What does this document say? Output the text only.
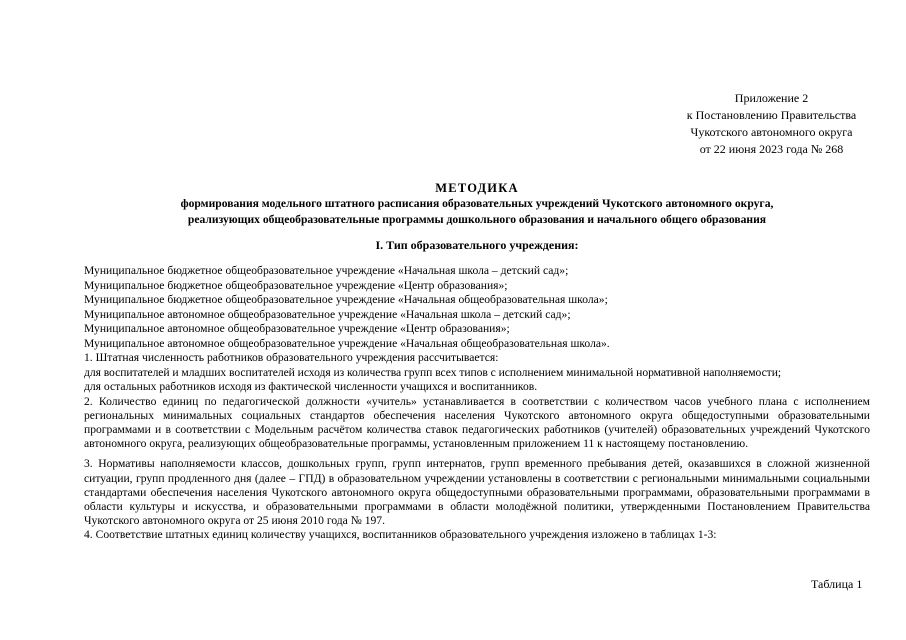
Приложение 2
к Постановлению Правительства
Чукотского автономного округа
от 22 июня 2023 года № 268
МЕТОДИКА
формирования модельного штатного расписания образовательных учреждений Чукотского автономного округа,
реализующих общеобразовательные программы дошкольного образования и начального общего образования
I. Тип образовательного учреждения:
Муниципальное бюджетное общеобразовательное учреждение «Начальная школа – детский сад»;
Муниципальное бюджетное общеобразовательное учреждение «Центр образования»;
Муниципальное бюджетное общеобразовательное учреждение «Начальная общеобразовательная школа»;
Муниципальное автономное общеобразовательное учреждение «Начальная школа – детский сад»;
Муниципальное автономное общеобразовательное учреждение «Центр образования»;
Муниципальное автономное общеобразовательное учреждение «Начальная общеобразовательная школа».
1. Штатная численность работников образовательного учреждения рассчитывается:
для воспитателей и младших воспитателей исходя из количества групп всех типов с исполнением минимальной нормативной наполняемости;
для остальных работников исходя из фактической численности учащихся и воспитанников.

2. Количество единиц по педагогической должности «учитель» устанавливается в соответствии с количеством часов учебного плана с исполнением региональных минимальных социальных стандартов обеспечения населения Чукотского автономного округа общедоступными образовательными программами и в соответствии с Модельным расчётом количества ставок педагогических работников (учителей) образовательных учреждений Чукотского автономного округа, реализующих общеобразовательные программы, установленным приложением 11 к настоящему постановлению.

3. Нормативы наполняемости классов, дошкольных групп, групп интернатов, групп временного пребывания детей, оказавшихся в сложной жизненной ситуации, групп продленного дня (далее – ГПД) в образовательном учреждении установлены в соответствии с региональными минимальными социальными стандартами обеспечения населения Чукотского автономного округа общедоступными образовательными программами, образовательными программами в области культуры и искусства, и образовательными программами в области молодёжной политики, утвержденными Постановлением Правительства Чукотского автономного округа от 25 июня 2010 года № 197.

4. Соответствие штатных единиц количеству учащихся, воспитанников образовательного учреждения изложено в таблицах 1-3:
Таблица 1
